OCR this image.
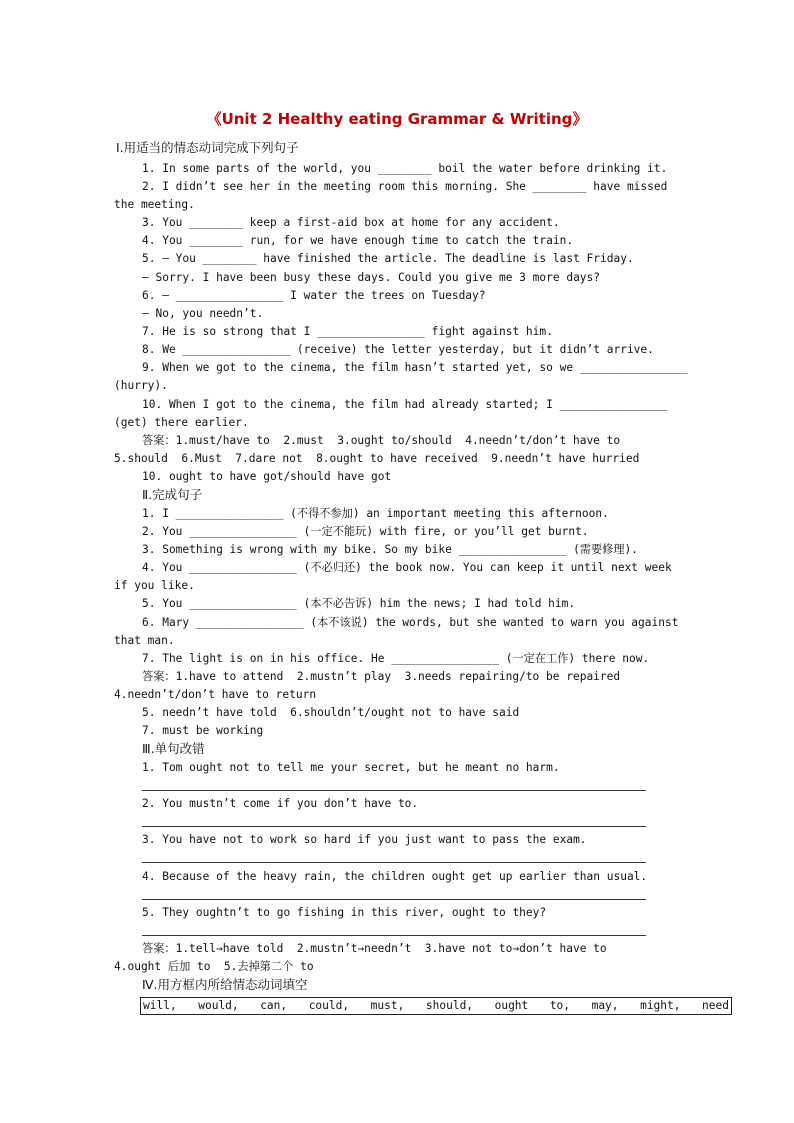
《Unit 2 Healthy eating Grammar & Writing》
Ⅰ.用适当的情态动词完成下列句子
1. In some parts of the world, you ________ boil the water before drinking it.
2. I didn’t see her in the meeting room this morning. She ________ have missed
the meeting.
3. You ________ keep a first-aid box at home for any accident.
4. You ________ run, for we have enough time to catch the train.
5. — You ________ have finished the article. The deadline is last Friday.
— Sorry. I have been busy these days. Could you give me 3 more days?
6. — ________________ I water the trees on Tuesday?
— No, you needn’t.
7. He is so strong that I ________________ fight against him.
8. We ________________ (receive) the letter yesterday, but it didn’t arrive.
9. When we got to the cinema, the film hasn’t started yet, so we ________________
(hurry).
10. When I got to the cinema, the film had already started; I ________________
(get) there earlier.
答案：1.must/have to  2.must  3.ought to/should  4.needn’t/don’t have to
5.should  6.Must  7.dare not  8.ought to have received  9.needn’t have hurried
10. ought to have got/should have got
Ⅱ.完成句子
1. I ________________ (不得不参加) an important meeting this afternoon.
2. You ________________ (一定不能玩) with fire, or you’ll get burnt.
3. Something is wrong with my bike. So my bike ________________ (需要修理).
4. You ________________ (不必归还) the book now. You can keep it until next week
if you like.
5. You ________________ (本不必告诉) him the news; I had told him.
6. Mary ________________ (本不该说) the words, but she wanted to warn you against
that man.
7. The light is on in his office. He ________________ (一定在工作) there now.
答案：1.have to attend  2.mustn’t play  3.needs repairing/to be repaired
4.needn’t/don’t have to return
5. needn’t have told  6.shouldn’t/ought not to have said
7. must be working
Ⅲ.单句改错
1. Tom ought not to tell me your secret, but he meant no harm.
2. You mustn’t come if you don’t have to.
3. You have not to work so hard if you just want to pass the exam.
4. Because of the heavy rain, the children ought get up earlier than usual.
5. They oughtn’t to go fishing in this river, ought to they?
答案：1.tell→have told  2.mustn’t→needn’t  3.have not to→don’t have to
4.ought 后加 to  5.去掉第二个 to
Ⅳ.用方框内所给情态动词填空
will, would, can, could, must, should, ought to, may, might, need
